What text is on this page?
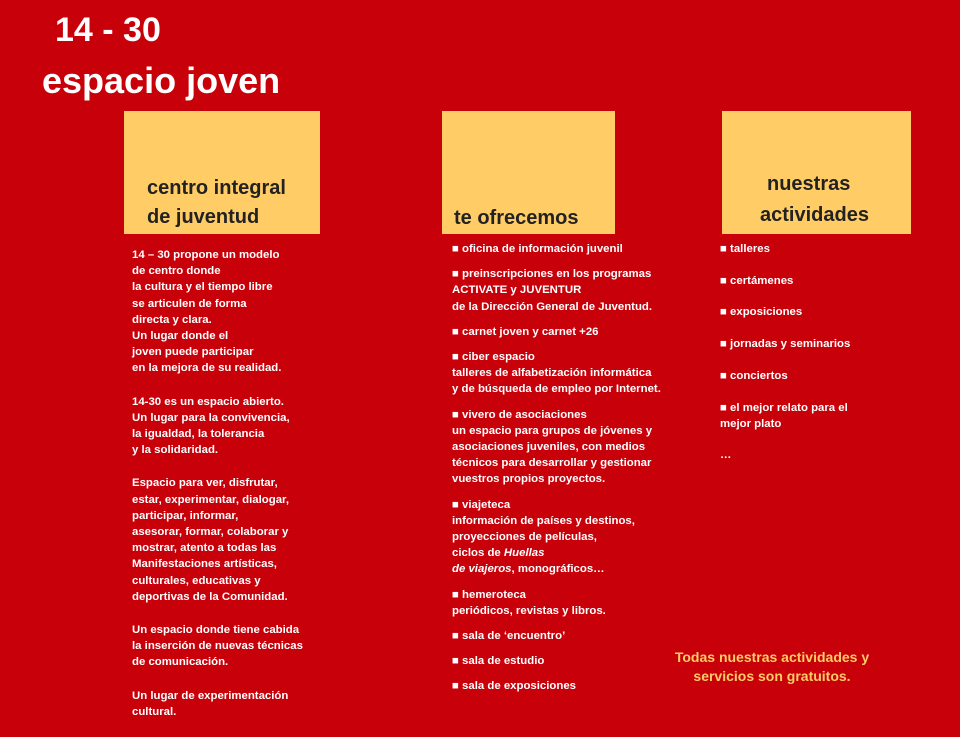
14 - 30
espacio joven
centro integral
de juventud	te ofrecemos
nuestras
actividades
14 – 30 propone un modelo
de centro donde
la cultura y el tiempo libre
se articulen de forma
directa y clara.
Un lugar donde el
joven puede participar
en la mejora de su realidad.
14-30 es un espacio abierto.
Un lugar para la convivencia,
la igualdad, la tolerancia
y la solidaridad.
Espacio para ver, disfrutar,
estar, experimentar, dialogar,
participar, informar,
asesorar, formar, colaborar y
mostrar, atento a todas las
Manifestaciones artísticas,
culturales, educativas y
deportivas de la Comunidad.
Un espacio donde tiene cabida
la inserción de nuevas técnicas
de comunicación.
Un lugar de experimentación
cultural.
■ oficina de información juvenil
■ preinscripciones en los programas
ACTIVATE y JUVENTUR
de la Dirección General de Juventud.
■ carnet joven y carnet +26
■ ciber espacio
talleres de alfabetización informática
y de búsqueda de empleo por Internet.
■ vivero de asociaciones
un espacio para grupos de jóvenes y
asociaciones juveniles, con medios
técnicos para desarrollar y gestionar
vuestros propios proyectos.
■ viajeteca
información de países y destinos,
proyecciones de películas,
ciclos de Huellas
de viajeros, monográficos…
■ hemeroteca
periódicos, revistas y libros.
■ sala de ‘encuentro’
■ sala de estudio
■ sala de exposiciones
■ talleres
■ certámenes
■ exposiciones
■ jornadas y seminarios
■ conciertos
■ el mejor relato para el
mejor plato
…
Todas nuestras actividades y servicios son gratuitos.
